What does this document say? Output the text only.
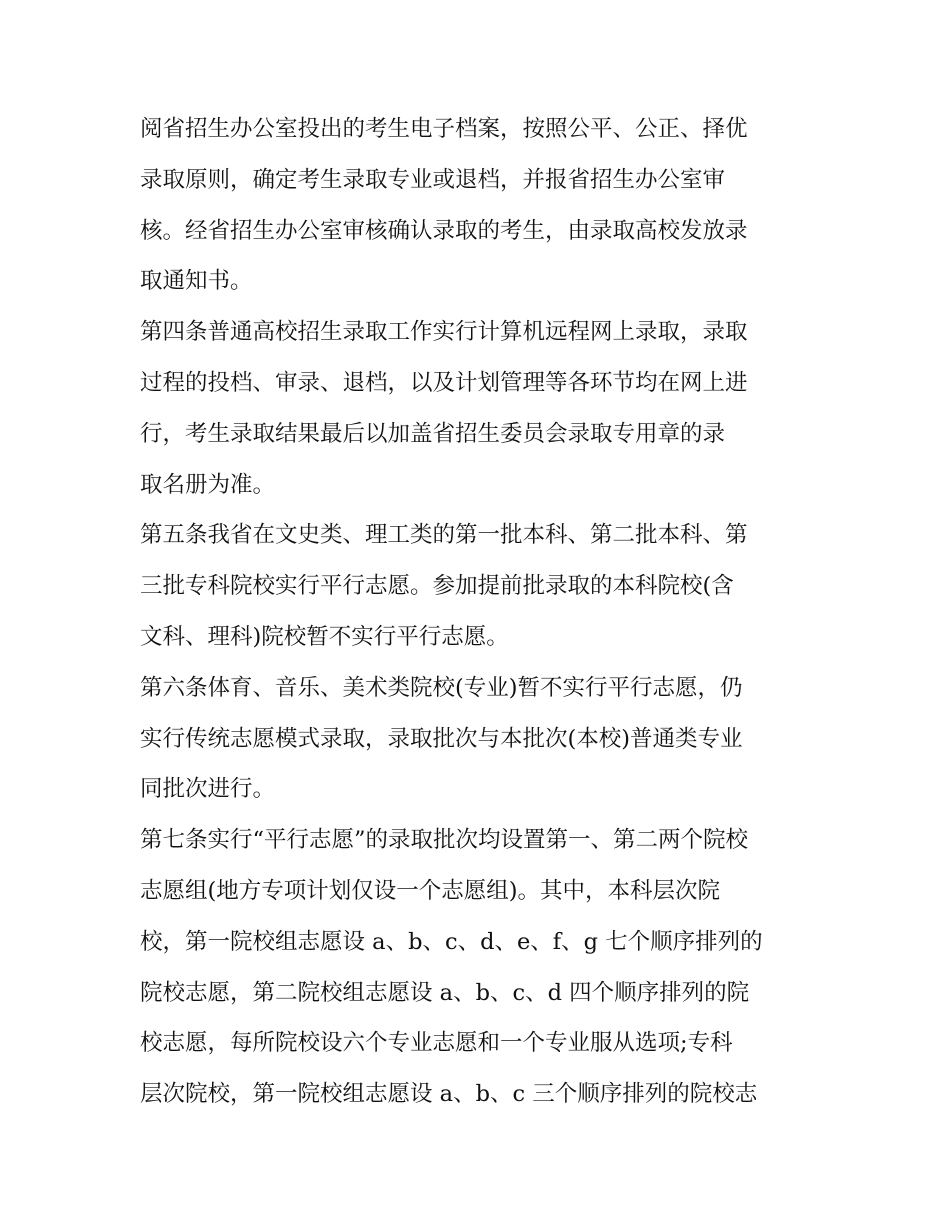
阅省招生办公室投出的考生电子档案，按照公平、公正、择优
录取原则，确定考生录取专业或退档，并报省招生办公室审
核。经省招生办公室审核确认录取的考生，由录取高校发放录
取通知书。
第四条普通高校招生录取工作实行计算机远程网上录取，录取
过程的投档、审录、退档，以及计划管理等各环节均在网上进
行，考生录取结果最后以加盖省招生委员会录取专用章的录
取名册为准。
第五条我省在文史类、理工类的第一批本科、第二批本科、第
三批专科院校实行平行志愿。参加提前批录取的本科院校(含
文科、理科)院校暂不实行平行志愿。
第六条体育、音乐、美术类院校(专业)暂不实行平行志愿，仍
实行传统志愿模式录取，录取批次与本批次(本校)普通类专业
同批次进行。
第七条实行“平行志愿”的录取批次均设置第一、第二两个院校
志愿组(地方专项计划仅设一个志愿组)。其中，本科层次院
校，第一院校组志愿设 a、b、c、d、e、f、g 七个顺序排列的
院校志愿，第二院校组志愿设 a、b、c、d 四个顺序排列的院
校志愿，每所院校设六个专业志愿和一个专业服从选项;专科
层次院校，第一院校组志愿设 a、b、c 三个顺序排列的院校志
